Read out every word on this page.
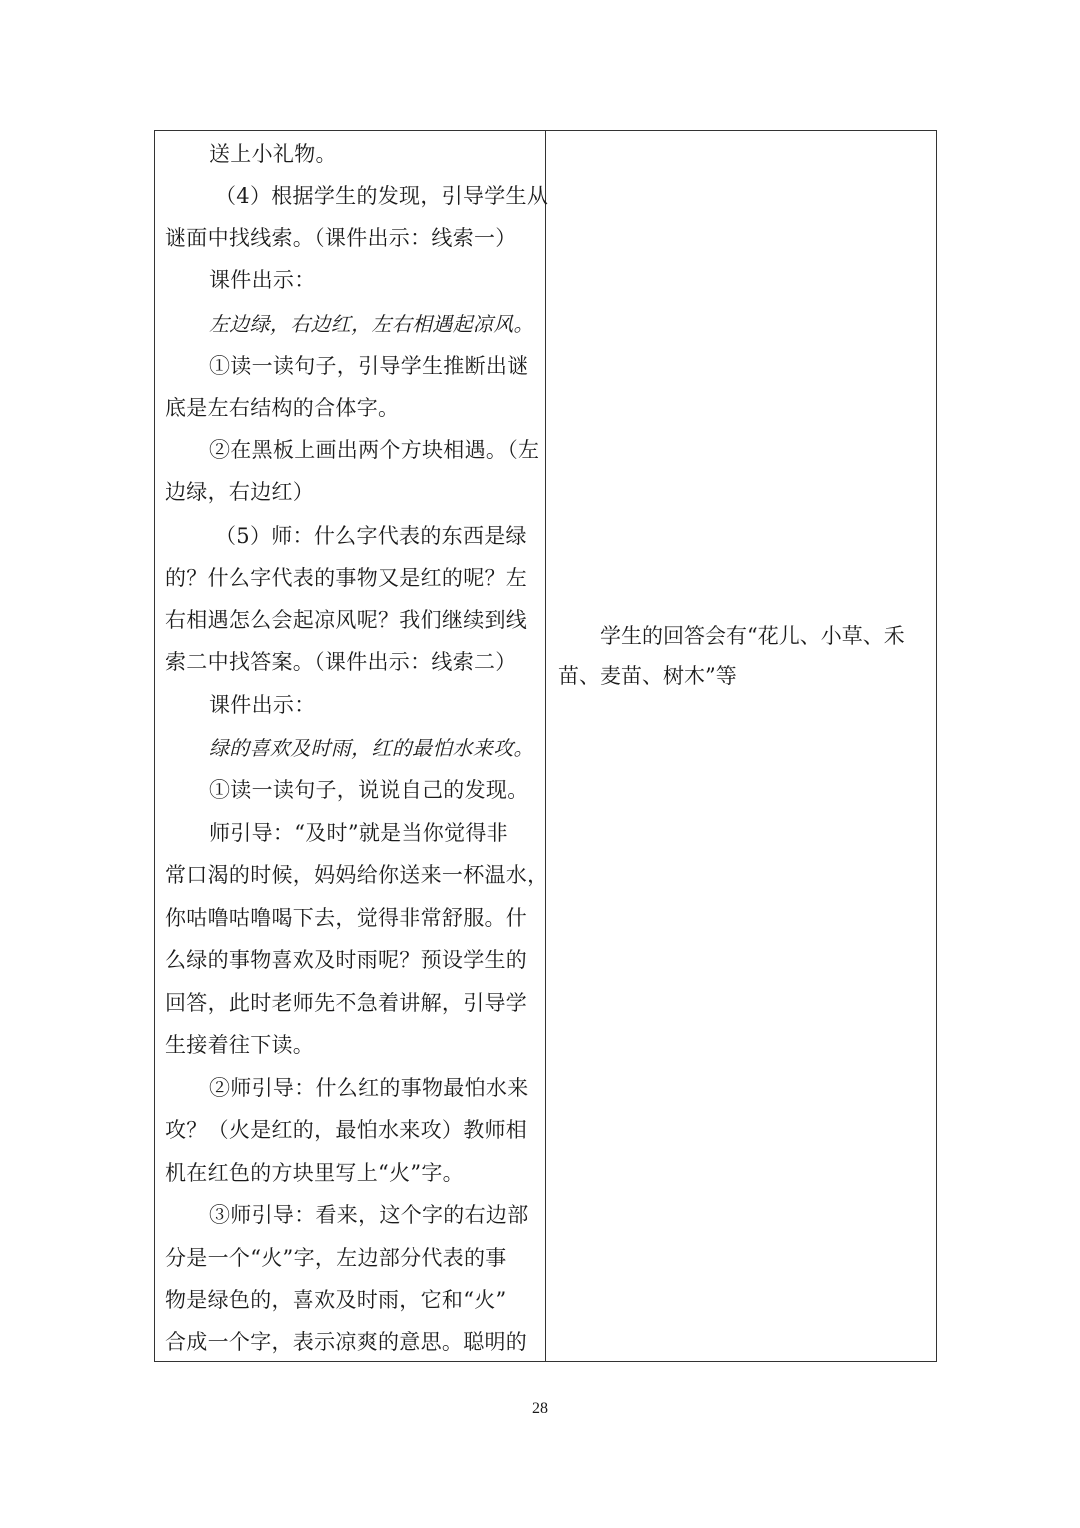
送上小礼物。
（4）根据学生的发现，引导学生从
谜面中找线索。（课件出示：线索一）
课件出示：
左边绿，右边红，左右相遇起凉风。
①读一读句子，引导学生推断出谜
底是左右结构的合体字。
②在黑板上画出两个方块相遇。（左
边绿，右边红）
（5）师：什么字代表的东西是绿
的？什么字代表的事物又是红的呢？左
右相遇怎么会起凉风呢？我们继续到线
索二中找答案。（课件出示：线索二）
课件出示：
绿的喜欢及时雨，红的最怕水来攻。
①读一读句子，说说自己的发现。
师引导：“及时”就是当你觉得非
常口渴的时候，妈妈给你送来一杯温水，
你咕噜咕噜喝下去，觉得非常舒服。什
么绿的事物喜欢及时雨呢？预设学生的
回答，此时老师先不急着讲解，引导学
生接着往下读。
②师引导：什么红的事物最怕水来
攻？（火是红的，最怕水来攻）教师相
机在红色的方块里写上“火”字。
③师引导：看来，这个字的右边部
分是一个“火”字，左边部分代表的事
物是绿色的，喜欢及时雨，它和“火”
合成一个字，表示凉爽的意思。聪明的
学生的回答会有“花儿、小草、禾
苗、麦苗、树木”等
28
